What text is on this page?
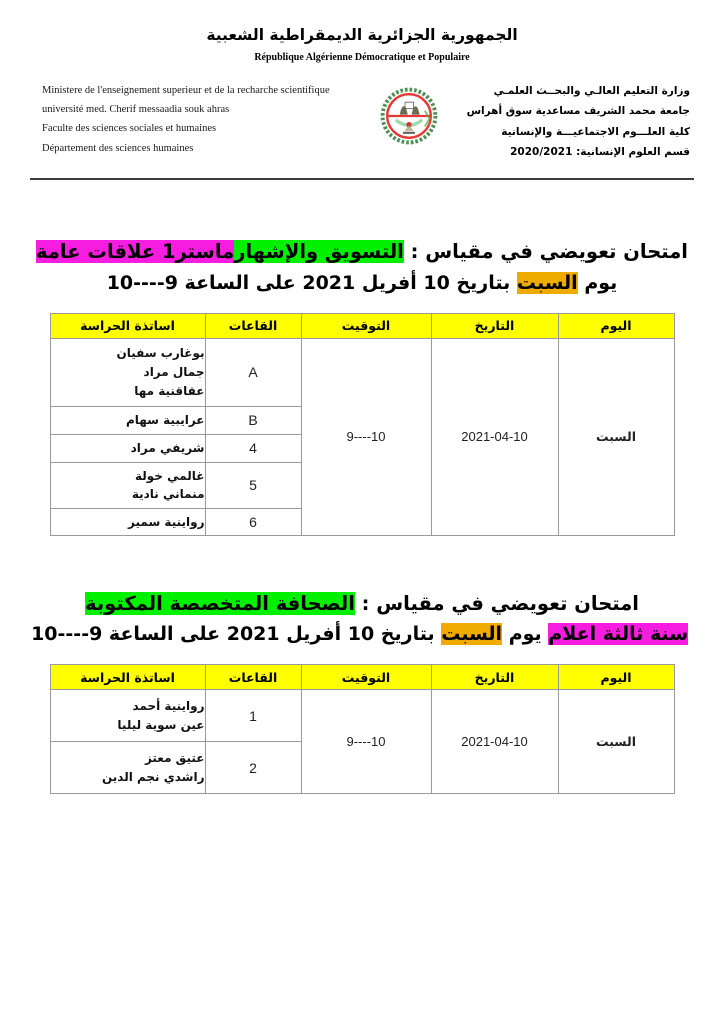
الجمهورية الجزائرية الديمقراطية الشعبية
République Algérienne Démocratique et Populaire
Ministere de l'enseignement superieur et de la recharche scientifique
université med. Cherif messaadia souk ahras
Faculte des sciences sociales et humaines
Département des sciences humaines
وزارة التعليم العالـي والبحــث العلمـي
جامعة محمد الشريف مساعدية سوق أهراس
كلية العلـــوم الاجتماعيـــة والإنسانية
قسم العلوم الإنسانية: 2020/2021
امتحان تعويضي في مقياس : التسويق والإشهارماستر1 علاقات عامة
يوم السبت بتاريخ 10 أفريل 2021 على الساعة 9----10
اليوم	التاريخ	التوقيت	القاعات	اساتذة الحراسة
السبت	2021-04-10	10----9	A	بوغارب سفيان
جمال مراد
عقاقنية مها

			B	عرايبية سهام

			4	شريفي مراد

			5	غالمي خولة
منماني نادية

			6	رواينية سمير
امتحان تعويضي في مقياس : الصحافة المتخصصة المكتوبة
سنة ثالثة اعلام يوم السبت بتاريخ 10 أفريل 2021 على الساعة 9----10
اليوم	التاريخ	التوقيت	القاعات	اساتذة الحراسة
السبت	2021-04-10	10----9	1	رواينية أحمد
عين سوية ليليا

			2	عتيق معتز
راشدي نجم الدين
